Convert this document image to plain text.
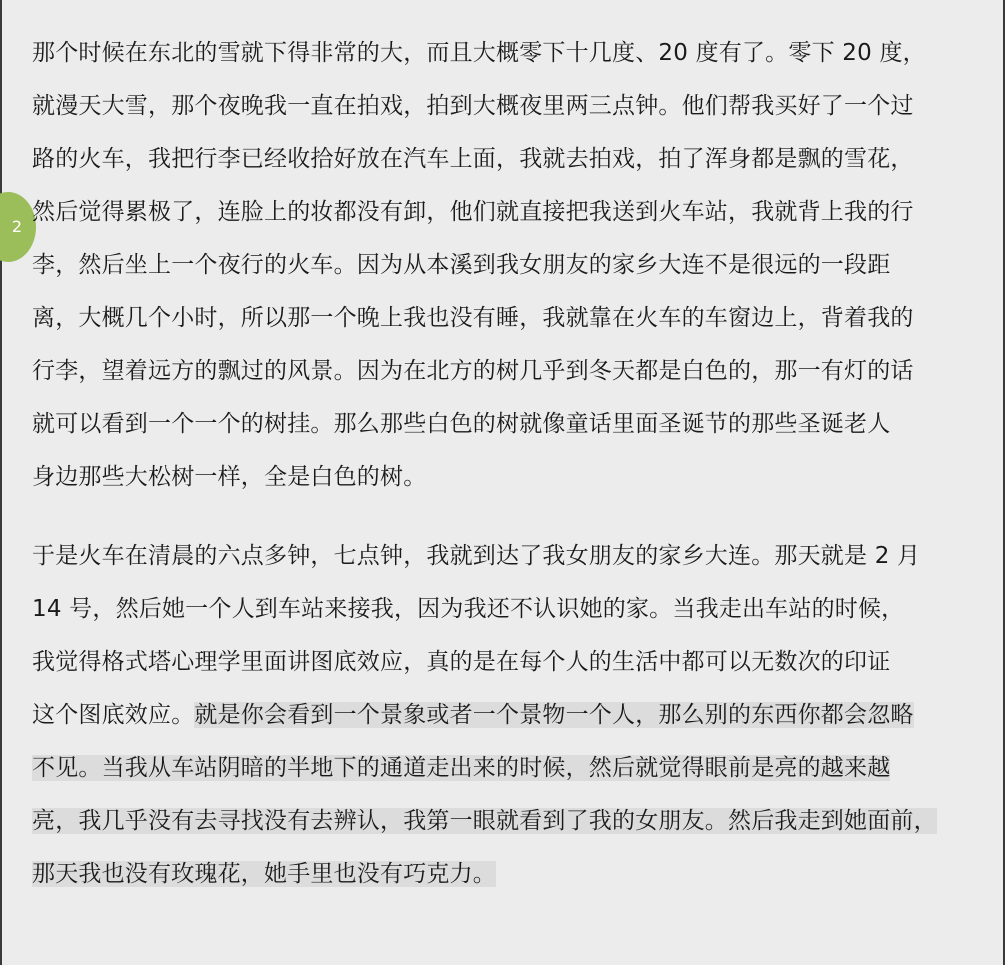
2
那个时候在东北的雪就下得非常的大，而且大概零下十几度、20 度有了。零下 20 度，
就漫天大雪，那个夜晚我一直在拍戏，拍到大概夜里两三点钟。他们帮我买好了一个过
路的火车，我把行李已经收拾好放在汽车上面，我就去拍戏，拍了浑身都是飘的雪花，
然后觉得累极了，连脸上的妆都没有卸，他们就直接把我送到火车站，我就背上我的行
李，然后坐上一个夜行的火车。因为从本溪到我女朋友的家乡大连不是很远的一段距
离，大概几个小时，所以那一个晚上我也没有睡，我就靠在火车的车窗边上，背着我的
行李，望着远方的飘过的风景。因为在北方的树几乎到冬天都是白色的，那一有灯的话
就可以看到一个一个的树挂。那么那些白色的树就像童话里面圣诞节的那些圣诞老人
身边那些大松树一样，全是白色的树。
于是火车在清晨的六点多钟，七点钟，我就到达了我女朋友的家乡大连。那天就是 2 月
14 号，然后她一个人到车站来接我，因为我还不认识她的家。当我走出车站的时候，
我觉得格式塔心理学里面讲图底效应，真的是在每个人的生活中都可以无数次的印证
这个图底效应。就是你会看到一个景象或者一个景物一个人，那么别的东西你都会忽略
不见。当我从车站阴暗的半地下的通道走出来的时候，然后就觉得眼前是亮的越来越
亮，我几乎没有去寻找没有去辨认，我第一眼就看到了我的女朋友。然后我走到她面前，
那天我也没有玫瑰花，她手里也没有巧克力。
